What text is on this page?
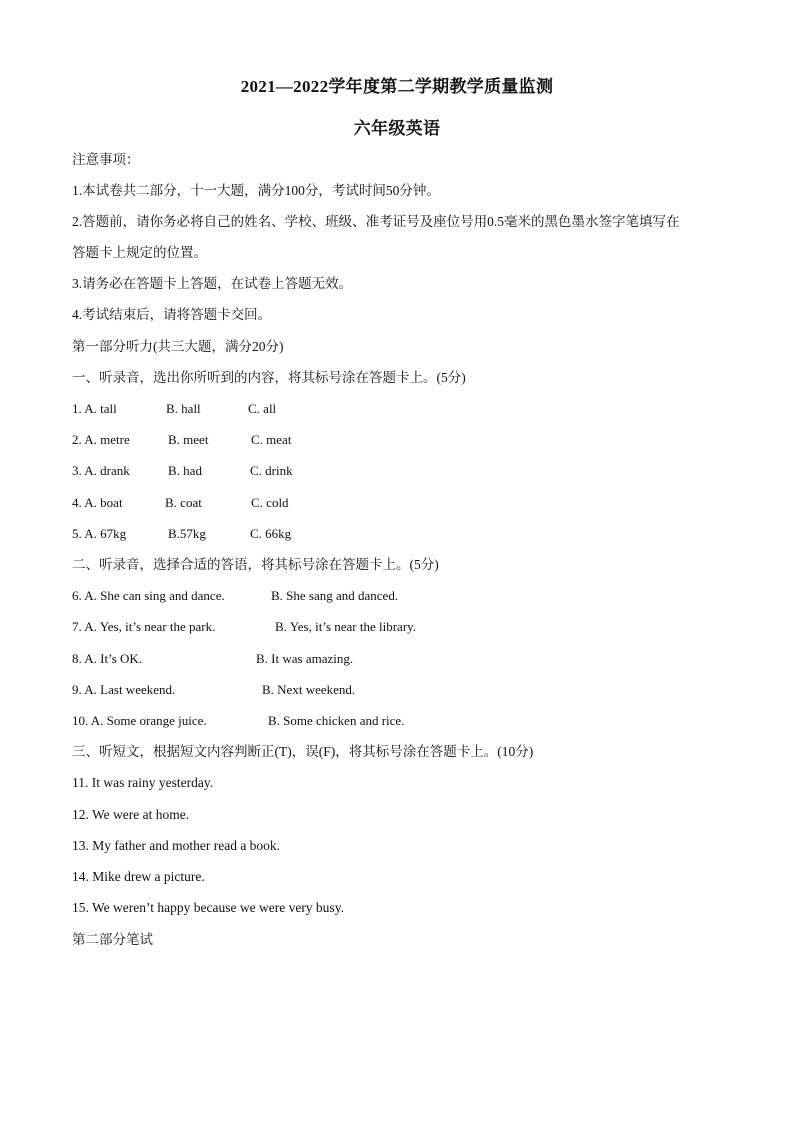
2021—2022学年度第二学期教学质量监测
六年级英语
注意事项：
1.本试卷共二部分，十一大题，满分100分，考试时间50分钟。
2.答题前，请你务必将自己的姓名、学校、班级、准考证号及座位号用0.5毫米的黑色墨水签字笔填写在
答题卡上规定的位置。
3.请务必在答题卡上答题，在试卷上答题无效。
4.考试结束后，请将答题卡交回。
第一部分听力(共三大题，满分20分)
一、听录音，选出你所听到的内容，将其标号涂在答题卡上。(5分)
1. A. tall	B. hall	C. all
2. A. metre	B. meet	C. meat
3. A. drank	B. had	C. drink
4. A. boat	B. coat	C. cold
5. A. 67kg	B.57kg	C. 66kg
二、听录音，选择合适的答语，将其标号涂在答题卡上。(5分)
6. A. She can sing and dance.	B. She sang and danced.
7. A. Yes, it’s near the park.	B. Yes, it’s near the library.
8. A. It’s OK.	B. It was amazing.
9. A. Last weekend.	B. Next weekend.
10. A. Some orange juice.	B. Some chicken and rice.
三、听短文，根据短文内容判断正(T)，误(F)，将其标号涂在答题卡上。(10分)
11. It was rainy yesterday.
12. We were at home.
13. My father and mother read a book.
14. Mike drew a picture.
15. We weren’t happy because we were very busy.
第二部分笔试
